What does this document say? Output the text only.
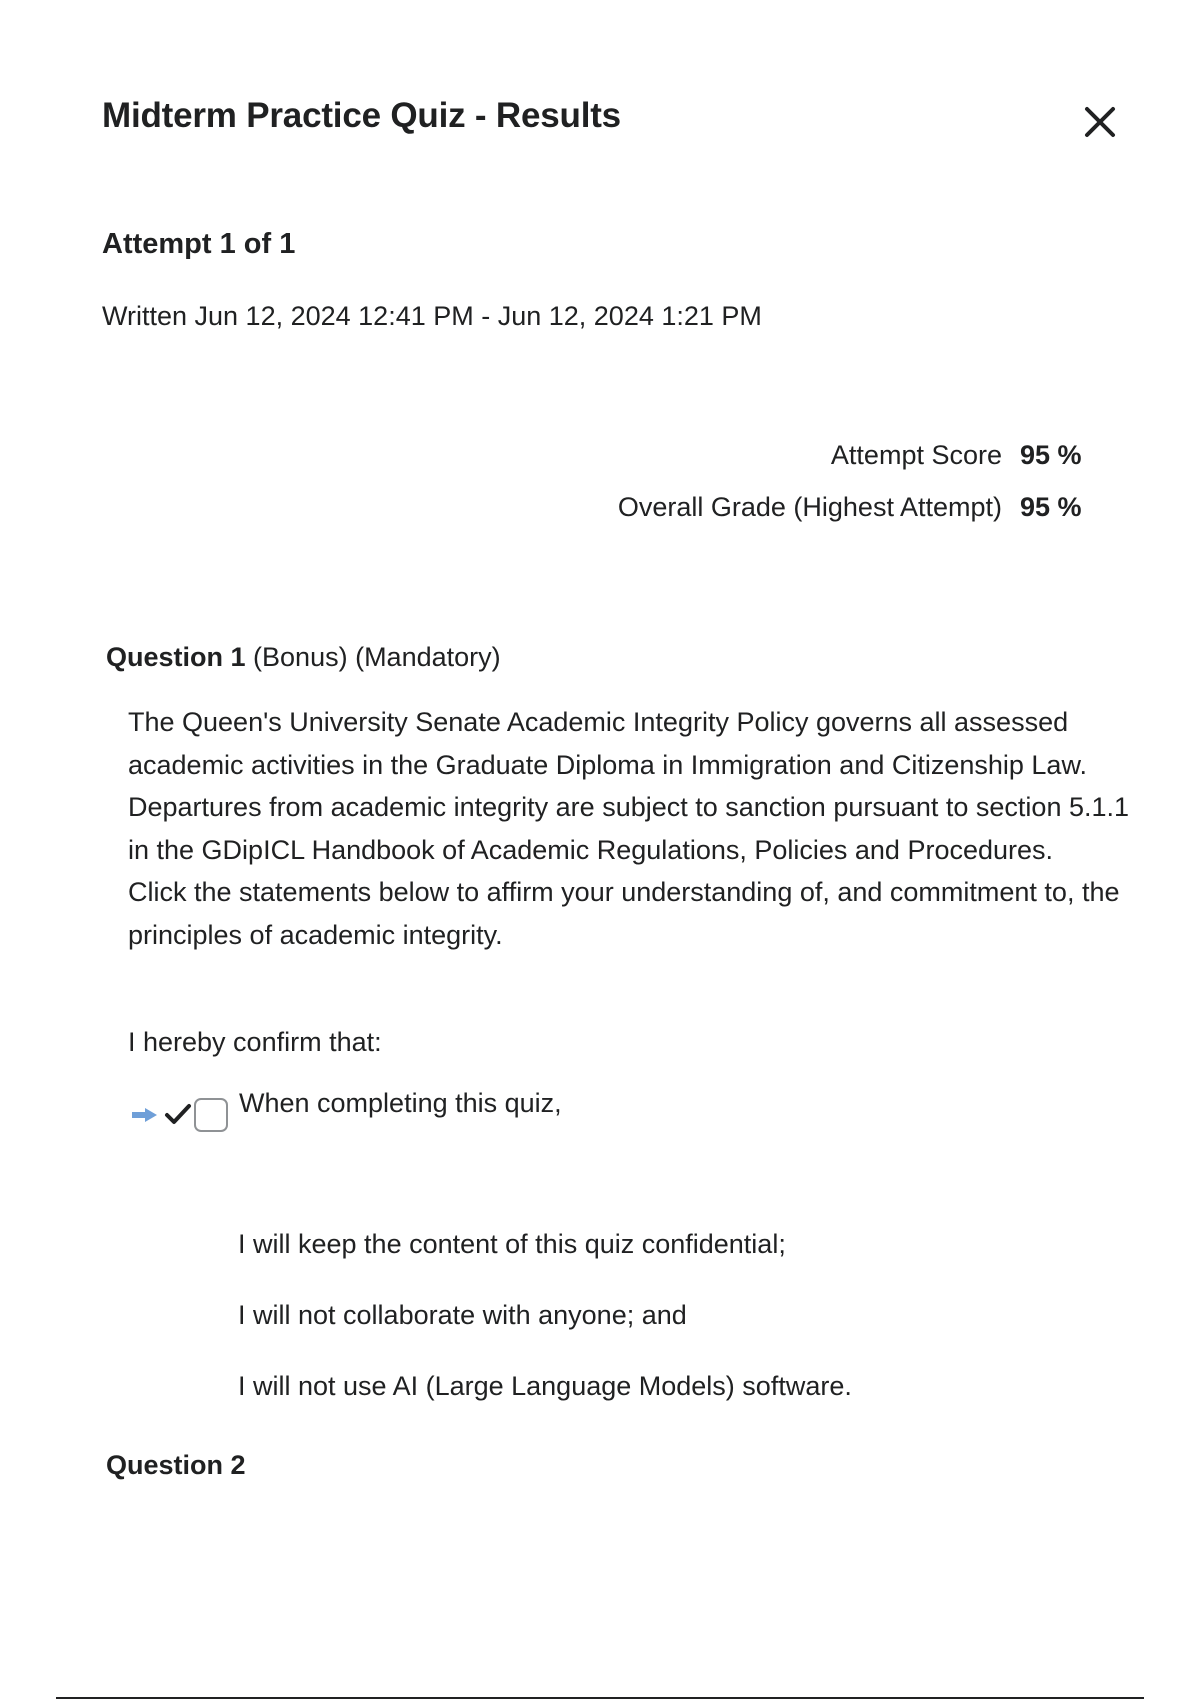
Midterm Practice Quiz - Results
Attempt 1 of 1

Written Jun 12, 2024 12:41 PM - Jun 12, 2024 1:21 PM

Attempt Score 95 %
Overall Grade (Highest Attempt) 95 %
Question 1 (Bonus) (Mandatory)

The Queen's University Senate Academic Integrity Policy governs all assessed academic activities in the Graduate Diploma in Immigration and Citizenship Law. Departures from academic integrity are subject to sanction pursuant to section 5.1.1 in the GDipICL Handbook of Academic Regulations, Policies and Procedures.

Click the statements below to affirm your understanding of, and commitment to, the principles of academic integrity.

I hereby confirm that:

When completing this quiz,
I will keep the content of this quiz confidential;
I will not collaborate with anyone; and
I will not use AI (Large Language Models) software.
Question 2
